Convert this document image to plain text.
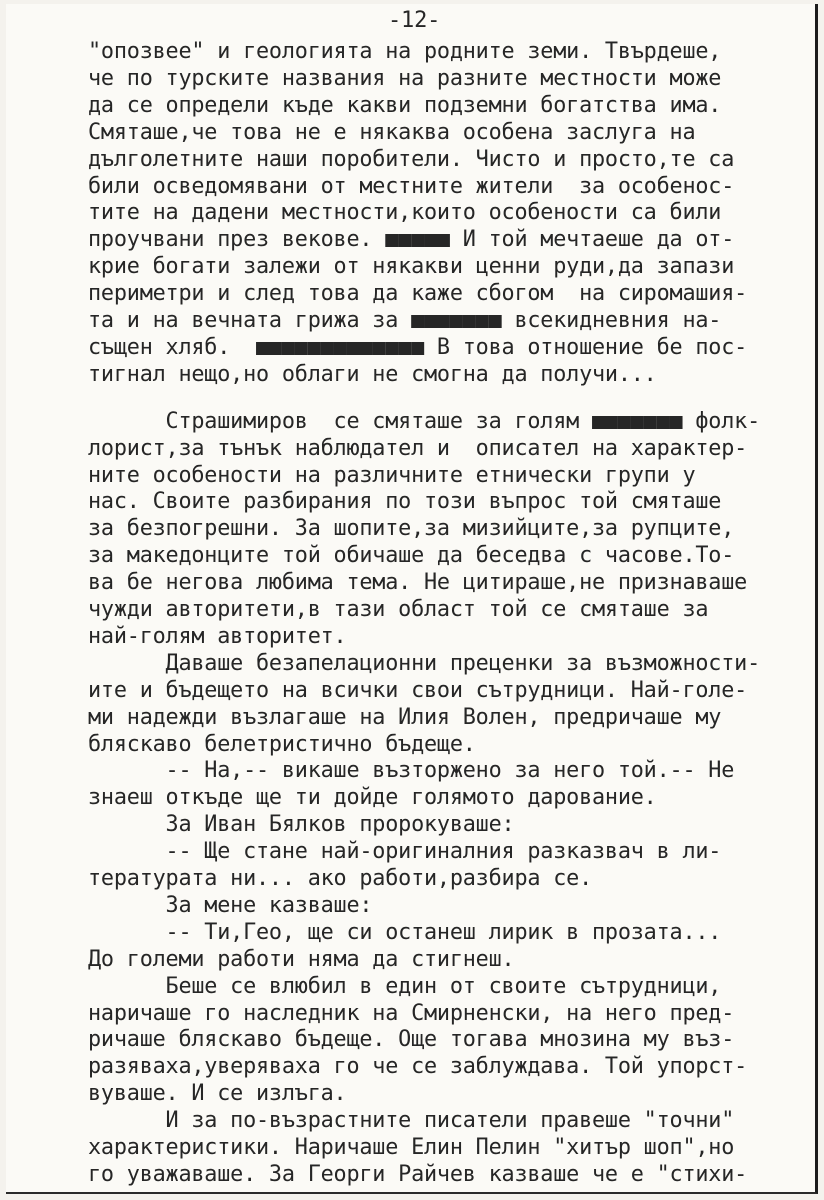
-12-
"опозвее" и геологията на родните земи. Твърдеше,
че по турските названия на разните местности може
да се определи къде какви подземни богатства има.
Смяташе,че това не е някаква особена заслуга на
дълголетните наши поробители. Чисто и просто,те са
били осведомявани от местните жители  за особенос-
тите на дадени местности,които особености са били
проучвани през векове. ■■■■■ И той мечтаеше да от-
крие богати залежи от някакви ценни руди,да запази
периметри и след това да каже сбогом  на сиромашия-
та и на вечната грижа за ■■■■■■■ всекидневния на-
същен хляб.  ■■■■■■■■■■■■■ В това отношение бе пос-
тигнал нещо,но облаги не смогна да получи...
Страшимиров  се смяташе за голям ■■■■■■■ фолк-
лорист,за тънък наблюдател и  описател на характер-
ните особености на различните етнически групи у
нас. Своите разбирания по този въпрос той смяташе
за безпогрешни. За шопите,за мизийците,за рупците,
за македонците той обичаше да беседва с часове.То-
ва бе негова любима тема. Не цитираше,не признаваше
чужди авторитети,в тази област той се смяташе за
най-голям авторитет.
Даваше безапелационни преценки за възможности-
ите и бъдещето на всички свои сътрудници. Най-голе-
ми надежди възлагаше на Илия Волен, предричаше му
бляскаво белетристично бъдеще.
-- На,-- викаше възторжено за него той.-- Не
знаеш откъде ще ти дойде голямото дарование.
За Иван Бялков пророкуваше:
-- Ще стане най-оригиналния разказвач в ли-
тературата ни... ако работи,разбира се.
За мене казваше:
-- Ти,Гео, ще си останеш лирик в прозата...
До големи работи няма да стигнеш.
Беше се влюбил в един от своите сътрудници,
наричаше го наследник на Смирненски, на него пред-
ричаше бляскаво бъдеще. Още тогава мнозина му въз-
разяваха,уверяваха го че се заблуждава. Той упорст-
вуваше. И се излъга.
И за по-възрастните писатели правеше "точни"
характеристики. Наричаше Елин Пелин "хитър шоп",но
го уважаваше. За Георги Райчев казваше че е "стихи-
